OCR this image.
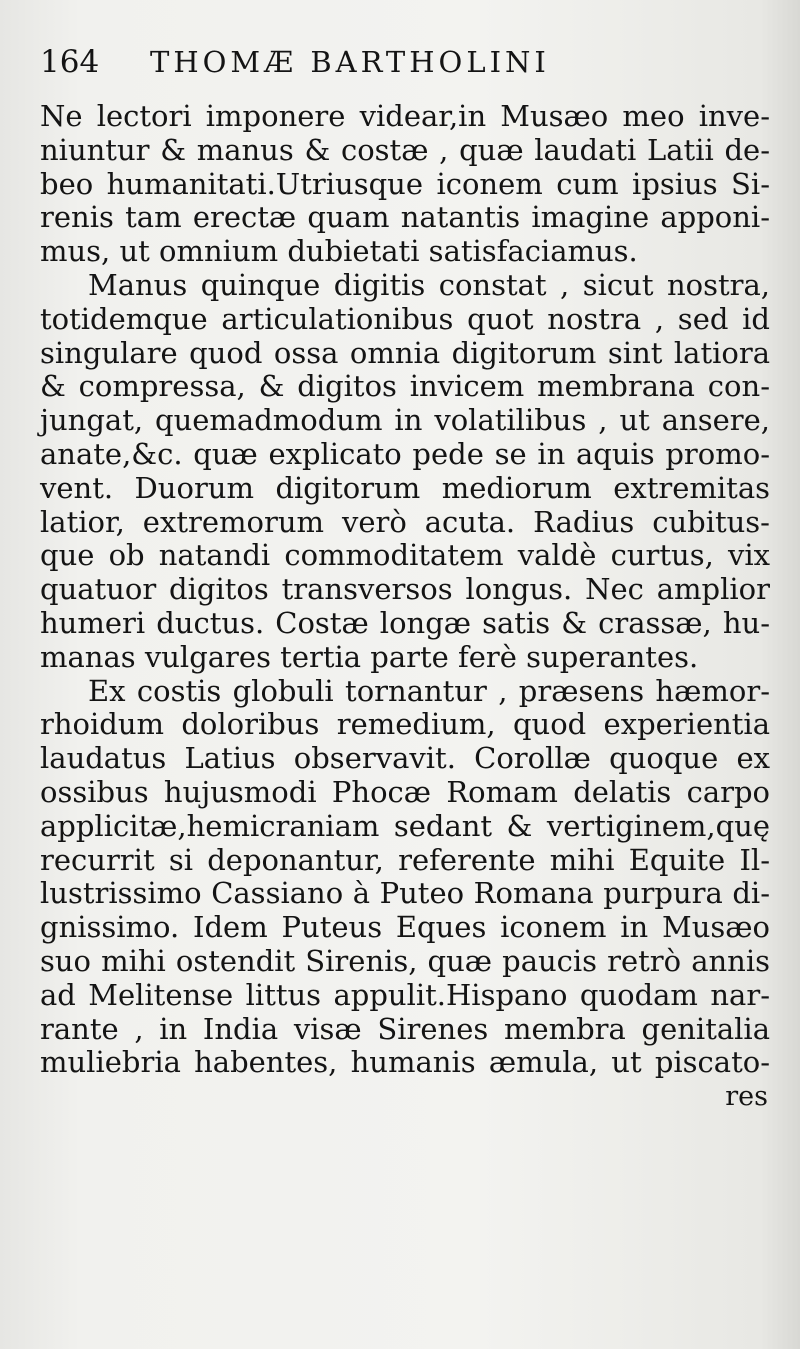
164	THOMÆ BARTHOLINI
Ne lectori imponere videar,in Musæo meo inve-
niuntur & manus & costæ , quæ laudati Latii de-
beo humanitati.Utriusque iconem cum ipsius Si-
renis tam erectæ quam natantis imagine apponi-
mus, ut omnium dubietati satisfaciamus.
Manus quinque digitis constat , sicut nostra,
totidemque articulationibus quot nostra , sed id
singulare quod ossa omnia digitorum sint latiora
& compressa, & digitos invicem membrana con-
jungat, quemadmodum in volatilibus , ut ansere,
anate,&c. quæ explicato pede se in aquis promo-
vent. Duorum digitorum mediorum extremitas
latior, extremorum verò acuta. Radius cubitus-
que ob natandi commoditatem valdè curtus, vix
quatuor digitos transversos longus. Nec amplior
humeri ductus. Costæ longæ satis & crassæ, hu-
manas vulgares tertia parte ferè superantes.
Ex costis globuli tornantur , præsens hæmor-
rhoidum doloribus remedium, quod experientia
laudatus Latius observavit. Corollæ quoque ex
ossibus hujusmodi Phocæ Romam delatis carpo
applicitæ,hemicraniam sedant & vertiginem,quę
recurrit si deponantur, referente mihi Equite Il-
lustrissimo Cassiano à Puteo Romana purpura di-
gnissimo. Idem Puteus Eques iconem in Musæo
suo mihi ostendit Sirenis, quæ paucis retrò annis
ad Melitense littus appulit.Hispano quodam nar-
rante , in India visæ Sirenes membra genitalia
muliebria habentes, humanis æmula, ut piscato-
res
